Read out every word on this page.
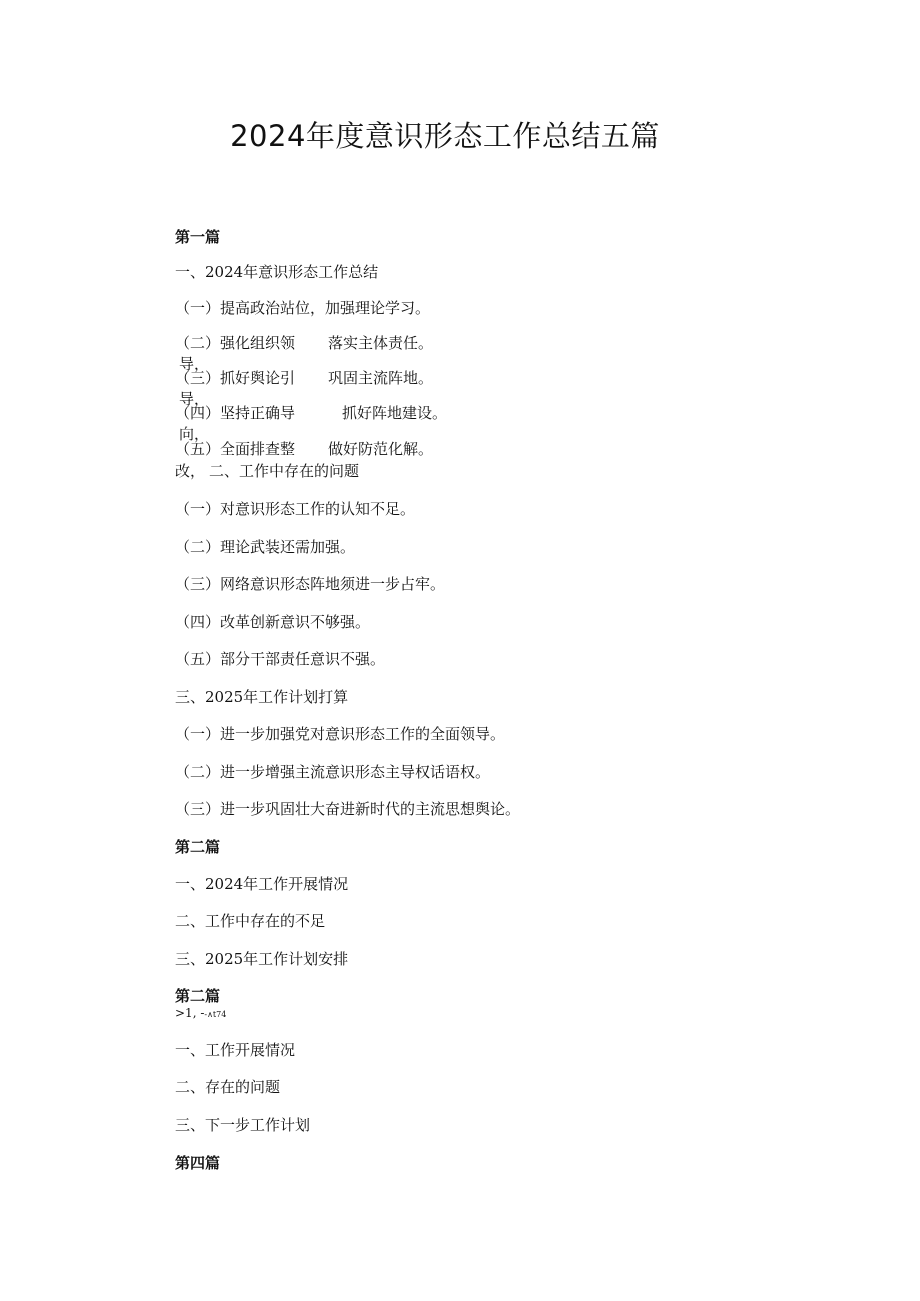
2024年度意识形态工作总结五篇
第一篇
一、2024年意识形态工作总结
（一）提高政治站位，加强理论学习。
（二）强化组织领 落实主体责任。
导，
（三）抓好舆论引 巩固主流阵地。
导，
（四）坚持正确导	抓好阵地建设。
向，
（五）全面排查整 做好防范化解。
改， 二、工作中存在的问题
（一）对意识形态工作的认知不足。
（二）理论武装还需加强。
（三）网络意识形态阵地须进一步占牢。
（四）改革创新意识不够强。
（五）部分干部责任意识不强。
三、2025年工作计划打算
（一）进一步加强党对意识形态工作的全面领导。
（二）进一步增强主流意识形态主导权话语权。
（三）进一步巩固壮大奋进新时代的主流思想舆论。
第二篇
一、2024年工作开展情况
二、工作中存在的不足
三、2025年工作计划安排
第二篇
>1, --∧t74
一、工作开展情况
二、存在的问题
三、下一步工作计划
第四篇
